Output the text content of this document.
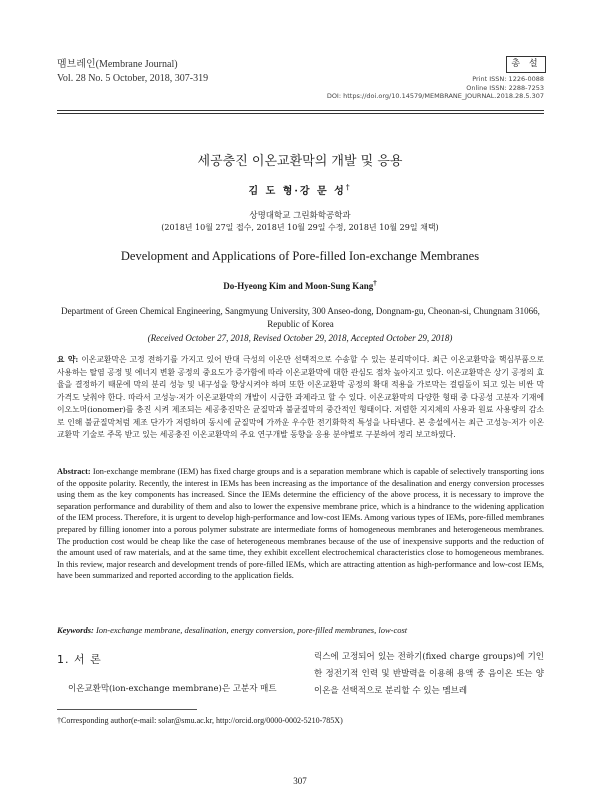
멤브레인(Membrane Journal)
Vol. 28 No. 5 October, 2018, 307-319
총 설
Print ISSN: 1226-0088
Online ISSN: 2288-7253
DOI: https://doi.org/10.14579/MEMBRANE_JOURNAL.2018.28.5.307
세공충진 이온교환막의 개발 및 응용
김 도 형·강 문 성†
상명대학교 그린화학공학과
(2018년 10월 27일 접수, 2018년 10월 29일 수정, 2018년 10월 29일 채택)
Development and Applications of Pore-filled Ion-exchange Membranes
Do-Hyeong Kim and Moon-Sung Kang†
Department of Green Chemical Engineering, Sangmyung University, 300 Anseo-dong, Dongnam-gu, Cheonan-si, Chungnam 31066, Republic of Korea
(Received October 27, 2018, Revised October 29, 2018, Accepted October 29, 2018)
요 약: 이온교환막은 고정 전하기를 가지고 있어 반대 극성의 이온만 선택적으로 수송할 수 있는 분리막이다. 최근 이온교환막을 핵심부품으로 사용하는 탈염 공정 및 에너지 변환 공정의 중요도가 증가함에 따라 이온교환막에 대한 관심도 점차 높아지고 있다. 이온교환막은 상기 공정의 효율을 결정하기 때문에 막의 분리 성능 및 내구성을 향상시켜야 하며 또한 이온교환막 공정의 확대 적용을 가로막는 걸림돌이 되고 있는 비싼 막 가격도 낮춰야 한다. 따라서 고성능·저가 이온교환막의 개발이 시급한 과제라고 할 수 있다. 이온교환막의 다양한 형태 중 다공성 고분자 기재에 이오노머(ionomer)를 충진 시켜 제조되는 세공충진막은 균질막과 불균질막의 중간적인 형태이다. 저렴한 지지체의 사용과 원료 사용량의 감소로 인해 불균질막처럼 제조 단가가 저렴하며 동시에 균질막에 가까운 우수한 전기화학적 특성을 나타낸다. 본 총설에서는 최근 고성능·저가 이온교환막 기술로 주목 받고 있는 세공충진 이온교환막의 주요 연구개발 동향을 응용 분야별로 구분하여 정리 보고하였다.
Abstract: Ion-exchange membrane (IEM) has fixed charge groups and is a separation membrane which is capable of selectively transporting ions of the opposite polarity. Recently, the interest in IEMs has been increasing as the importance of the desalination and energy conversion processes using them as the key components has increased. Since the IEMs determine the efficiency of the above process, it is necessary to improve the separation performance and durability of them and also to lower the expensive membrane price, which is a hindrance to the widening application of the IEM process. Therefore, it is urgent to develop high-performance and low-cost IEMs. Among various types of IEMs, pore-filled membranes prepared by filling ionomer into a porous polymer substrate are intermediate forms of homogeneous membranes and heterogeneous membranes. The production cost would be cheap like the case of heterogeneous membranes because of the use of inexpensive supports and the reduction of the amount used of raw materials, and at the same time, they exhibit excellent electrochemical characteristics close to homogeneous membranes. In this review, major research and development trends of pore-filled IEMs, which are attracting attention as high-performance and low-cost IEMs, have been summarized and reported according to the application fields.
Keywords: Ion-exchange membrane, desalination, energy conversion, pore-filled membranes, low-cost
1. 서 론
이온교환막(ion-exchange membrane)은 고분자 매트
릭스에 고정되어 있는 전하기(fixed charge groups)에 기인한 정전기적 인력 및 반발력을 이용해 용액 중 음이온 또는 양이온을 선택적으로 분리할 수 있는 멤브레
†Corresponding author(e-mail: solar@smu.ac.kr, http://orcid.org/0000-0002-5210-785X)
307
